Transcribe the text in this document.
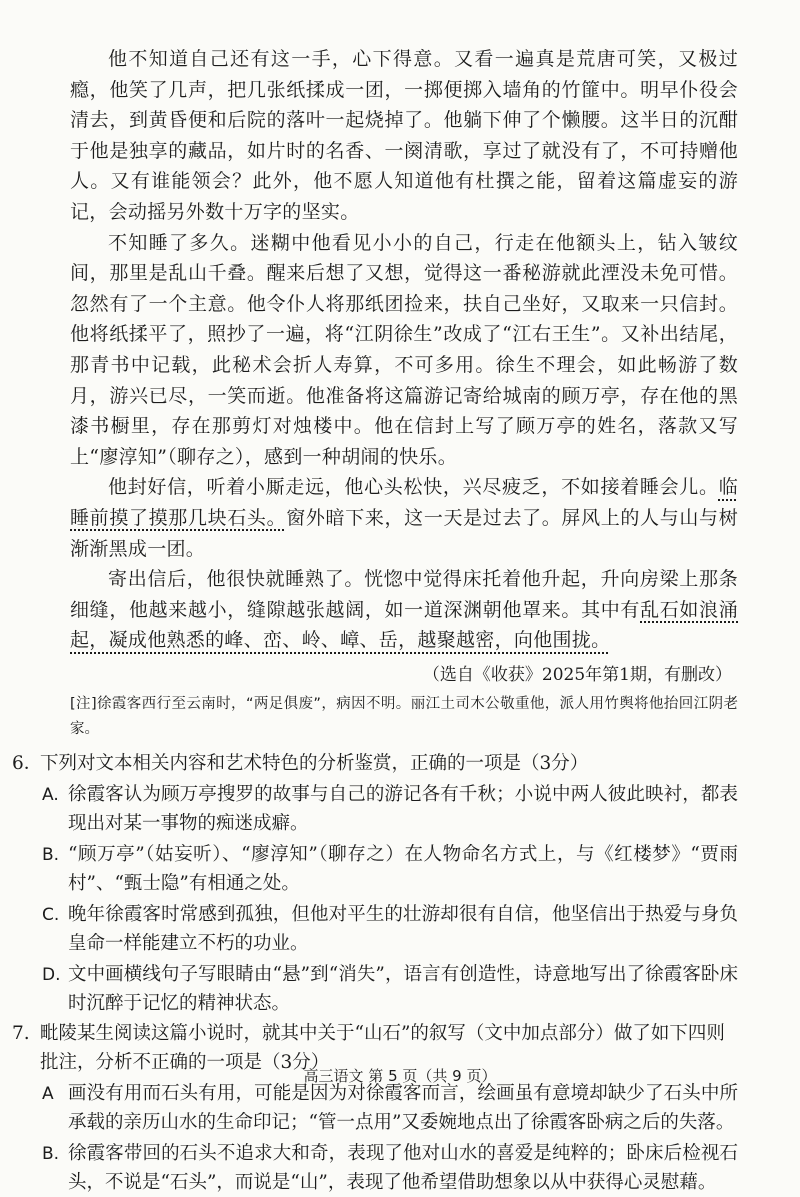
他不知道自己还有这一手，心下得意。又看一遍真是荒唐可笑，又极过瘾，他笑了几声，把几张纸揉成一团，一掷便掷入墙角的竹篚中。明早仆役会清去，到黄昏便和后院的落叶一起烧掉了。他躺下伸了个懒腰。这半日的沉酣于他是独享的藏品，如片时的名香、一阕清歌，享过了就没有了，不可持赠他人。又有谁能领会？此外，他不愿人知道他有杜撰之能，留着这篇虚妄的游记，会动摇另外数十万字的坚实。

不知睡了多久。迷糊中他看见小小的自己，行走在他额头上，钻入皱纹间，那里是乱山千叠。醒来后想了又想，觉得这一番秘游就此湮没未免可惜。忽然有了一个主意。他令仆人将那纸团捡来，扶自己坐好，又取来一只信封。他将纸揉平了，照抄了一遍，将“江阴徐生”改成了“江右王生”。又补出结尾，那青书中记载，此秘术会折人寿算，不可多用。徐生不理会，如此畅游了数月，游兴已尽，一笑而逝。他准备将这篇游记寄给城南的顾万亭，存在他的黑漆书橱里，存在那剪灯对烛楼中。他在信封上写了顾万亭的姓名，落款又写上“廖淳知”（聊存之），感到一种胡闹的快乐。

他封好信，听着小厮走远，他心头松快，兴尽疲乏，不如接着睡会儿。临睡前摸了摸那几块石头。窗外暗下来，这一天是过去了。屏风上的人与山与树渐渐黑成一团。

寄出信后，他很快就睡熟了。恍惚中觉得床托着他升起，升向房梁上那条细缝，他越来越小，缝隙越张越阔，如一道深渊朝他罩来。其中有乱石如浪涌起，凝成他熟悉的峰、峦、岭、嶂、岳，越聚越密，向他围拢。

（选自《收获》2025年第1期，有删改）

[注]徐霞客西行至云南时，“两足俱废”，病因不明。丽江土司木公敬重他，派人用竹舆将他抬回江阴老家。

6．
下列对文本相关内容和艺术特色的分析鉴赏，正确的一项是（3分）
A. 徐霞客认为顾万亭搜罗的故事与自己的游记各有千秋；小说中两人彼此映衬，都表现出对某一事物的痴迷成癖。
B. “顾万亭”（姑妄听）、“廖淳知”（聊存之）在人物命名方式上，与《红楼梦》“贾雨村”、“甄士隐”有相通之处。
C. 晚年徐霞客时常感到孤独，但他对平生的壮游却很有自信，他坚信出于热爱与身负皇命一样能建立不朽的功业。
D. 文中画横线句子写眼睛由“悬”到“消失”，语言有创造性，诗意地写出了徐霞客卧床时沉醉于记忆的精神状态。
7. 毗陵某生阅读这篇小说时，就其中关于“山石”的叙写（文中加点部分）做了如下四则批注，分析不正确的一项是（3分）
A 画没有用而石头有用，可能是因为对徐霞客而言，绘画虽有意境却缺少了石头中所承载的亲历山水的生命印记；“管一点用”又委婉地点出了徐霞客卧病之后的失落。
B. 徐霞客带回的石头不追求大和奇，表现了他对山水的喜爱是纯粹的；卧床后检视石头，不说是“石头”，而说是“山”，表现了他希望借助想象以从中获得心灵慰藉。
高三语文 第 5 页（共 9 页）
